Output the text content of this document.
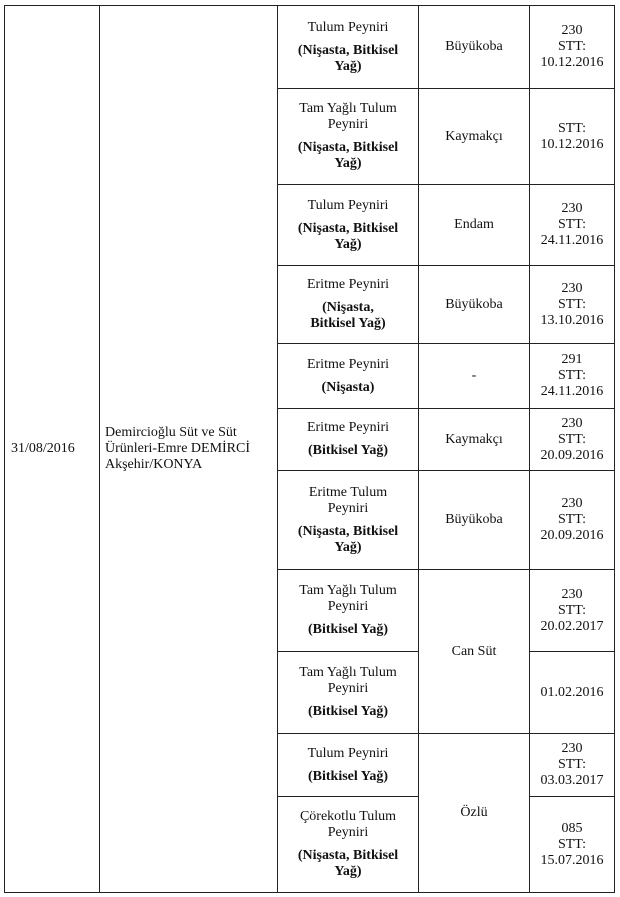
31/08/2016	Demircioğlu Süt ve Süt
Ürünleri-Emre DEMİRCİ
Akşehir/KONYA	Tulum Peyniri
(Nişasta, Bitkisel
Yağ)	Büyükoba	230
STT:
10.12.2016

		Tam Yağlı Tulum
Peyniri
(Nişasta, Bitkisel
Yağ)	Kaymakçı	STT:
10.12.2016

		Tulum Peyniri
(Nişasta, Bitkisel
Yağ)	Endam	230
STT:
24.11.2016

		Eritme Peyniri
(Nişasta,
Bitkisel Yağ)	Büyükoba	230
STT:
13.10.2016

		Eritme Peyniri
(Nişasta)	-	291
STT:
24.11.2016

		Eritme Peyniri
(Bitkisel Yağ)	Kaymakçı	230
STT:
20.09.2016

		Eritme Tulum
Peyniri
(Nişasta, Bitkisel
Yağ)	Büyükoba	230
STT:
20.09.2016

		Tam Yağlı Tulum
Peyniri
(Bitkisel Yağ)	Can Süt	230
STT:
20.02.2017

		Tam Yağlı Tulum
Peyniri
(Bitkisel Yağ)		01.02.2016

		Tulum Peyniri
(Bitkisel Yağ)	Özlü	230
STT:
03.03.2017

		Çörekotlu Tulum
Peyniri
(Nişasta, Bitkisel
Yağ)		085
STT:
15.07.2016
